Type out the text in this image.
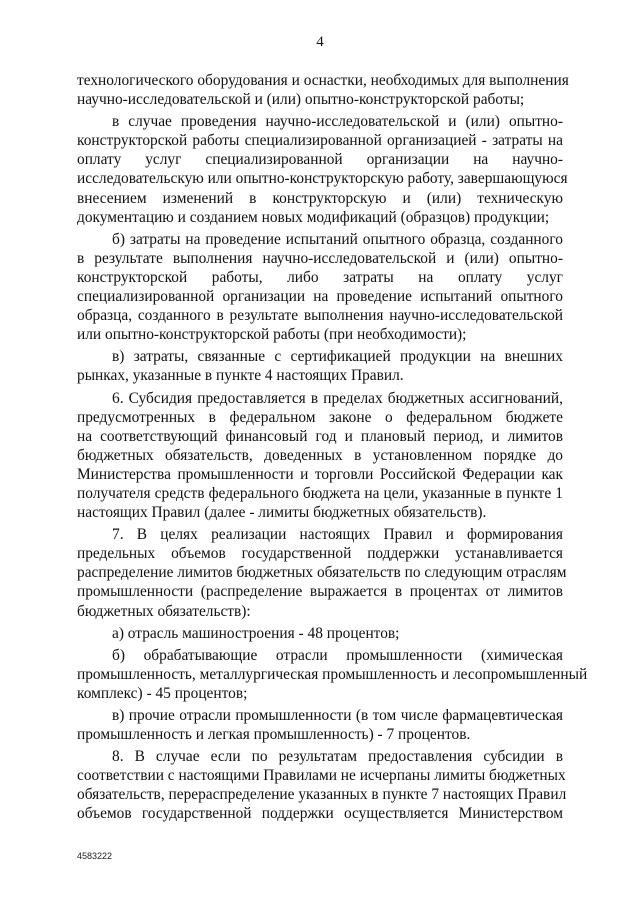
4
технологического оборудования и оснастки, необходимых для выполнения
научно-исследовательской и (или) опытно-конструкторской работы;
в случае проведения научно-исследовательской и (или) опытно-
конструкторской работы специализированной организацией - затраты на
оплату услуг специализированной организации на научно-
исследовательскую или опытно-конструкторскую работу, завершающуюся
внесением изменений в конструкторскую и (или) техническую
документацию и созданием новых модификаций (образцов) продукции;
б) затраты на проведение испытаний опытного образца, созданного
в результате выполнения научно-исследовательской и (или) опытно-
конструкторской работы, либо затраты на оплату услуг
специализированной организации на проведение испытаний опытного
образца, созданного в результате выполнения научно-исследовательской
или опытно-конструкторской работы (при необходимости);
в) затраты, связанные с сертификацией продукции на внешних
рынках, указанные в пункте 4 настоящих Правил.
6. Субсидия предоставляется в пределах бюджетных ассигнований,
предусмотренных в федеральном законе о федеральном бюджете
на соответствующий финансовый год и плановый период, и лимитов
бюджетных обязательств, доведенных в установленном порядке до
Министерства промышленности и торговли Российской Федерации как
получателя средств федерального бюджета на цели, указанные в пункте 1
настоящих Правил (далее - лимиты бюджетных обязательств).
7. В целях реализации настоящих Правил и формирования
предельных объемов государственной поддержки устанавливается
распределение лимитов бюджетных обязательств по следующим отраслям
промышленности (распределение выражается в процентах от лимитов
бюджетных обязательств):
а) отрасль машиностроения - 48 процентов;
б) обрабатывающие отрасли промышленности (химическая
промышленность, металлургическая промышленность и лесопромышленный
комплекс) - 45 процентов;
в) прочие отрасли промышленности (в том числе фармацевтическая
промышленность и легкая промышленность) - 7 процентов.
8. В случае если по результатам предоставления субсидии в
соответствии с настоящими Правилами не исчерпаны лимиты бюджетных
обязательств, перераспределение указанных в пункте 7 настоящих Правил
объемов государственной поддержки осуществляется Министерством
4583222
